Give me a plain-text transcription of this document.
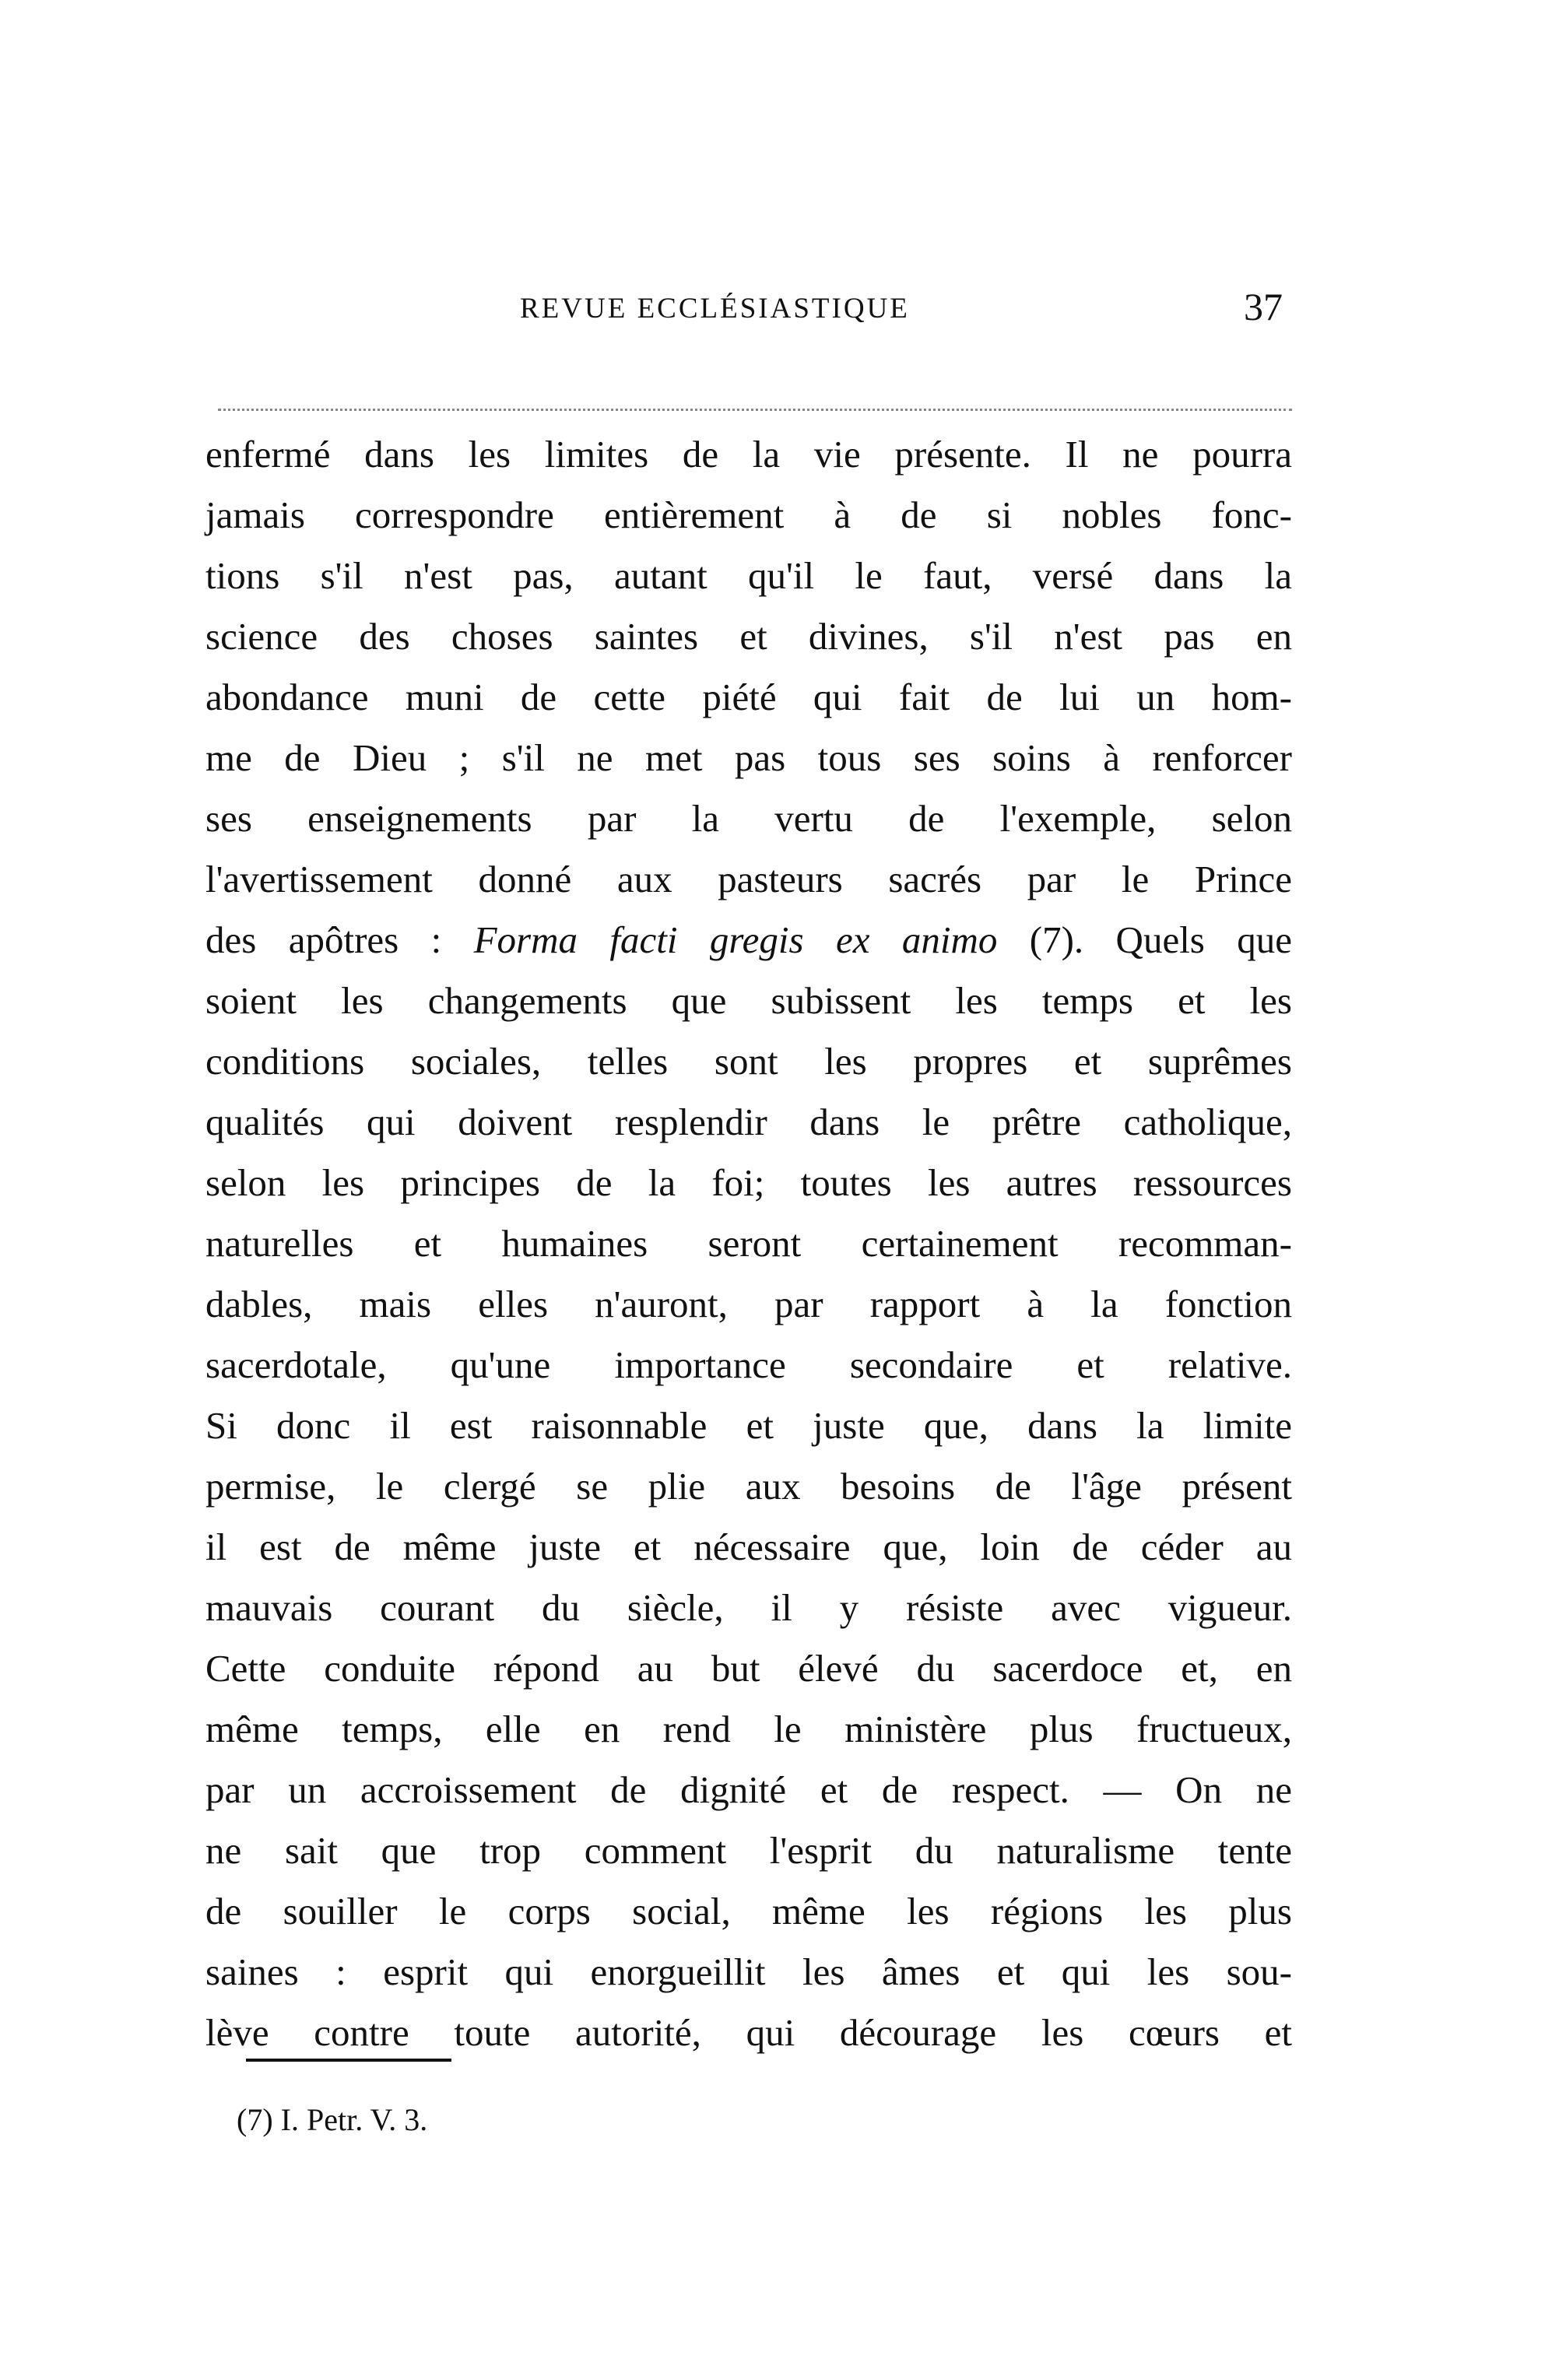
REVUE ECCLÉSIASTIQUE	37
enfermé dans les limites de la vie présente. Il ne pourra
jamais correspondre entièrement à de si nobles fonc-
tions s'il n'est pas, autant qu'il le faut, versé dans la
science des choses saintes et divines, s'il n'est pas en
abondance muni de cette piété qui fait de lui un hom-
me de Dieu ; s'il ne met pas tous ses soins à renforcer
ses enseignements par la vertu de l'exemple, selon
l'avertissement donné aux pasteurs sacrés par le Prince
des apôtres : Forma facti gregis ex animo (7). Quels que
soient les changements que subissent les temps et les
conditions sociales, telles sont les propres et suprêmes
qualités qui doivent resplendir dans le prêtre catholique,
selon les principes de la foi; toutes les autres ressources
naturelles et humaines seront certainement recomman-
dables, mais elles n'auront, par rapport à la fonction
sacerdotale, qu'une importance secondaire et relative.
Si donc il est raisonnable et juste que, dans la limite
permise, le clergé se plie aux besoins de l'âge présent
il est de même juste et nécessaire que, loin de céder au
mauvais courant du siècle, il y résiste avec vigueur.
Cette conduite répond au but élevé du sacerdoce et, en
même temps, elle en rend le ministère plus fructueux,
par un accroissement de dignité et de respect. — On ne
ne sait que trop comment l'esprit du naturalisme tente
de souiller le corps social, même les régions les plus
saines : esprit qui enorgueillit les âmes et qui les sou-
lève contre toute autorité, qui décourage les cœurs et
(7) I. Petr. V. 3.
